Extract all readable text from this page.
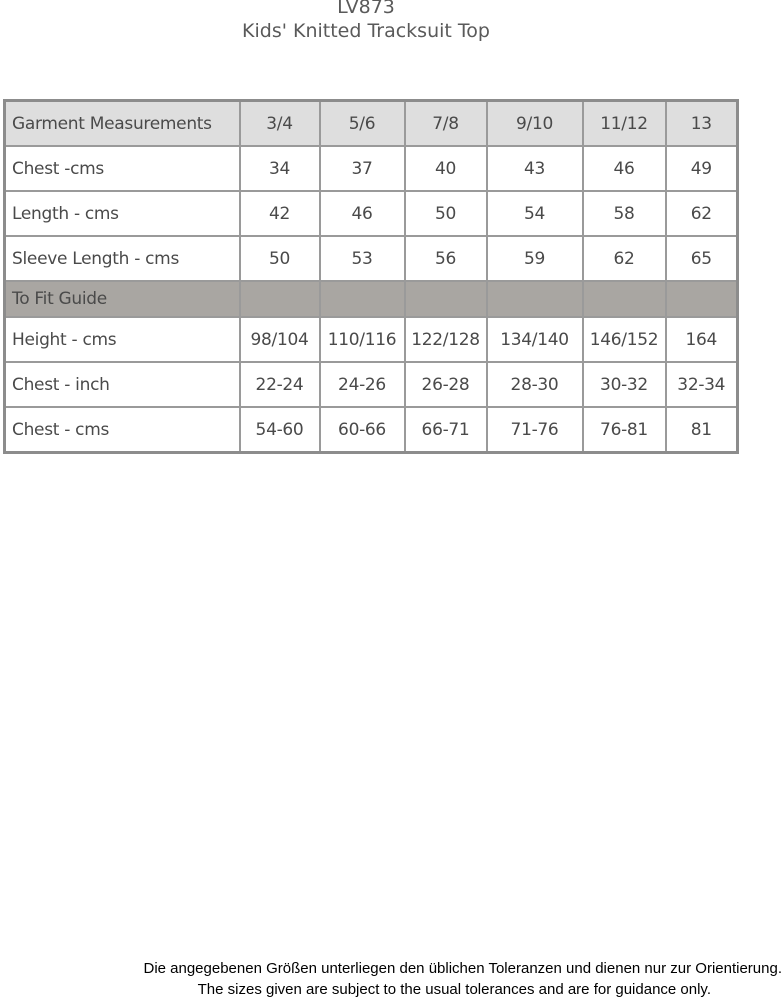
LV873
Kids' Knitted Tracksuit Top
Garment Measurements	3/4	5/6	7/8	9/10	11/12	13
Chest -cms	34	37	40	43	46	49
Length - cms	42	46	50	54	58	62
Sleeve Length - cms	50	53	56	59	62	65
To Fit Guide						
Height - cms	98/104	110/116	122/128	134/140	146/152	164
Chest - inch	22-24	24-26	26-28	28-30	30-32	32-34
Chest - cms	54-60	60-66	66-71	71-76	76-81	81
Die angegebenen Größen unterliegen den üblichen Toleranzen und dienen nur zur Orientierung.
The sizes given are subject to the usual tolerances and are for guidance only.
